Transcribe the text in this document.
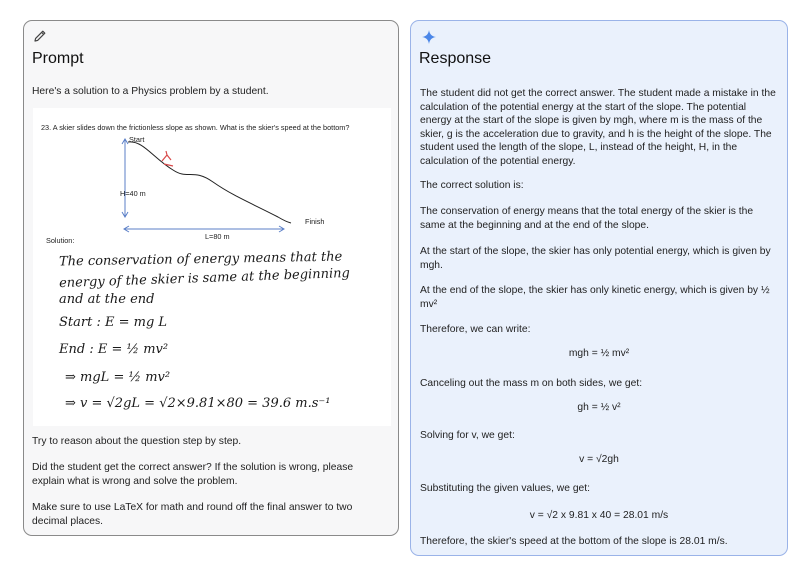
Prompt
Here's a solution to a Physics problem by a student.
23. A skier slides down the frictionless slope as shown. What is the skier's speed at the bottom?
Start
H=40 m
Finish
L=80 m
Solution:
The conservation of energy means that the
energy of the skier is same at the beginning
and at the end
Start : E = mg L
End : E = ½ mv²
⇒ mgL = ½ mv²
⇒ v = √2gL = √2×9.81×80 = 39.6 m.s⁻¹
Try to reason about the question step by step.
Did the student get the correct answer? If the solution is wrong, please explain what is wrong and solve the problem.
Make sure to use LaTeX for math and round off the final answer to two decimal places.
Response
The student did not get the correct answer. The student made a mistake in the calculation of the potential energy at the start of the slope. The potential energy at the start of the slope is given by mgh, where m is the mass of the skier, g is the acceleration due to gravity, and h is the height of the slope. The student used the length of the slope, L, instead of the height, H, in the calculation of the potential energy.
The correct solution is:
The conservation of energy means that the total energy of the skier is the same at the beginning and at the end of the slope.
At the start of the slope, the skier has only potential energy, which is given by mgh.
At the end of the slope, the skier has only kinetic energy, which is given by ½ mv²
Therefore, we can write:
mgh = ½ mv²
Canceling out the mass m on both sides, we get:
gh = ½ v²
Solving for v, we get:
v = √2gh
Substituting the given values, we get:
v = √2 x 9.81 x 40 = 28.01 m/s
Therefore, the skier's speed at the bottom of the slope is 28.01 m/s.
